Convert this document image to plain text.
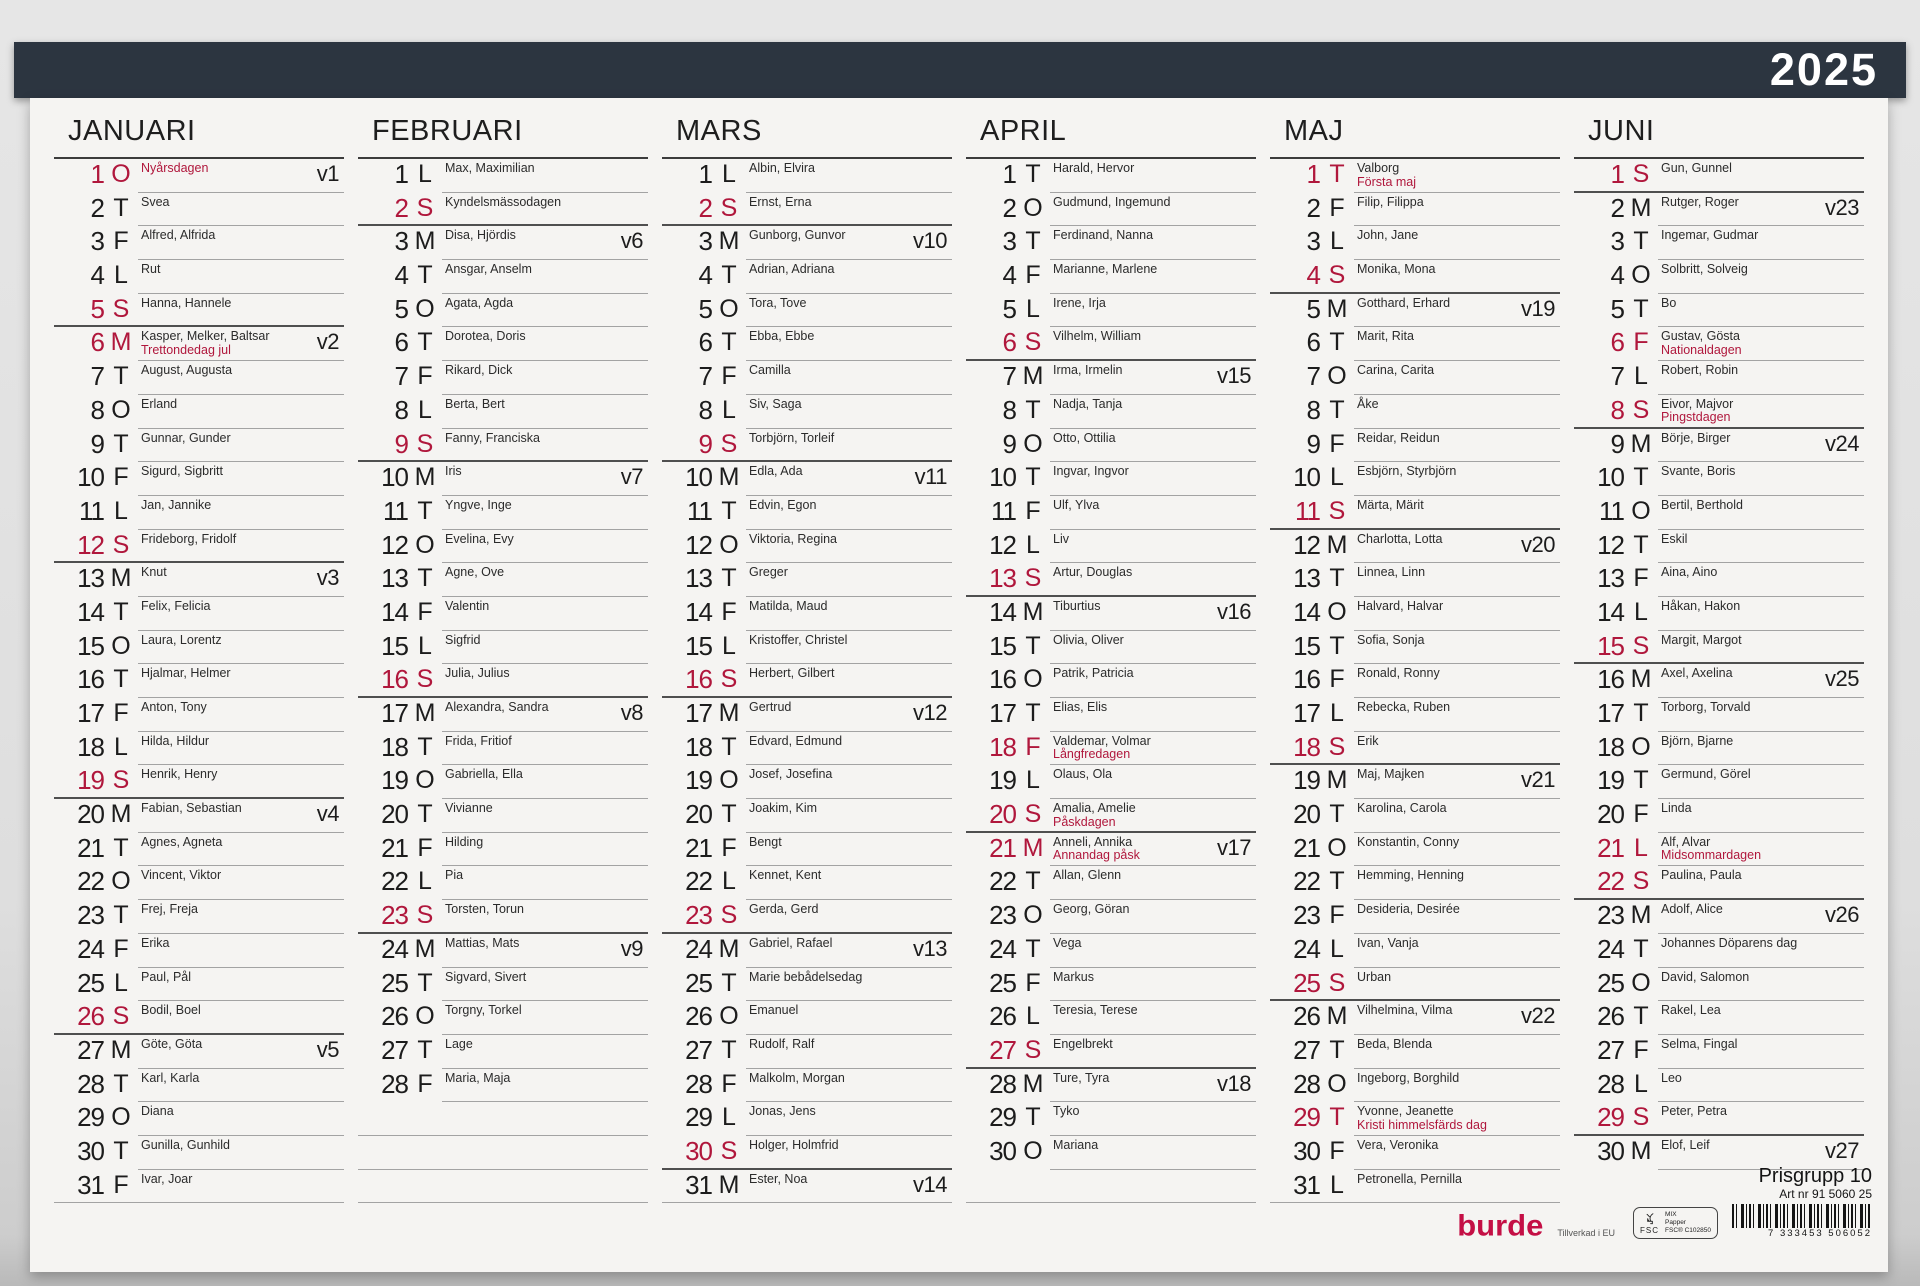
2025
JANUARI
1 O Nyårsdagen	v1
2 T Svea
3 F Alfred, Alfrida
4 L	Rut
5 S Hanna, Hannele
6 M Kasper, Melker, Baltsar
Trettondedag jul	v2
7 T August, Augusta
8 O Erland
9 T Gunnar, Gunder
10 F Sigurd, Sigbritt
11 L	Jan, Jannike
12 S Frideborg, Fridolf
13 M Knut	v3
14 T Felix, Felicia
15 O Laura, Lorentz
16 T Hjalmar, Helmer
17 F Anton, Tony
18 L	Hilda, Hildur
19 S Henrik, Henry
20 M Fabian, Sebastian	v4
21 T Agnes, Agneta
22 O Vincent, Viktor
23 T Frej, Freja
24 F Erika
25 L	Paul, Pål
26 S Bodil, Boel
27 M Göte, Göta	v5
28 T Karl, Karla
29 O Diana
30 T Gunilla, Gunhild
31 F Ivar, Joar
FEBRUARI
1 L	Max, Maximilian
2 S Kyndelsmässodagen
3 M Disa, Hjördis	v6
4 T Ansgar, Anselm
5 O Agata, Agda
6 T Dorotea, Doris
7 F Rikard, Dick
8 L	Berta, Bert
9 S Fanny, Franciska
10 M Iris	v7
11 T Yngve, Inge
12 O Evelina, Evy
13 T Agne, Ove
14 F Valentin
15 L	Sigfrid
16 S Julia, Julius
17 M Alexandra, Sandra	v8
18 T Frida, Fritiof
19 O Gabriella, Ella
20 T Vivianne
21 F Hilding
22 L	Pia
23 S Torsten, Torun
24 M Mattias, Mats	v9
25 T Sigvard, Sivert
26 O Torgny, Torkel
27 T Lage
28 F Maria, Maja
MARS
1 L	Albin, Elvira
2 S Ernst, Erna
3 M Gunborg, Gunvor	v10
4 T Adrian, Adriana
5 O Tora, Tove
6 T Ebba, Ebbe
7 F Camilla
8 L	Siv, Saga
9 S Torbjörn, Torleif
10 M Edla, Ada	v11
11 T Edvin, Egon
12 O Viktoria, Regina
13 T Greger
14 F Matilda, Maud
15 L	Kristoffer, Christel
16 S Herbert, Gilbert
17 M Gertrud	v12
18 T Edvard, Edmund
19 O Josef, Josefina
20 T Joakim, Kim
21 F Bengt
22 L	Kennet, Kent
23 S Gerda, Gerd
24 M Gabriel, Rafael	v13
25 T Marie bebådelsedag
26 O Emanuel
27 T Rudolf, Ralf
28 F Malkolm, Morgan
29 L	Jonas, Jens
30 S Holger, Holmfrid
31 M Ester, Noa	v14
APRIL
1 T Harald, Hervor
2 O Gudmund, Ingemund
3 T Ferdinand, Nanna
4 F Marianne, Marlene
5 L	Irene, Irja
6 S Vilhelm, William
7 M Irma, Irmelin	v15
8 T Nadja, Tanja
9 O Otto, Ottilia
10 T Ingvar, Ingvor
11 F Ulf, Ylva
12 L	Liv
13 S Artur, Douglas
14 M Tiburtius	v16
15 T Olivia, Oliver
16 O Patrik, Patricia
17 T Elias, Elis
18 F Valdemar, Volmar
Långfredagen
19 L	Olaus, Ola
20 S Amalia, Amelie
Påskdagen
21 M Anneli, Annika
Annandag påsk	v17
22 T Allan, Glenn
23 O Georg, Göran
24 T Vega
25 F Markus
26 L	Teresia, Terese
27 S Engelbrekt
28 M Ture, Tyra	v18
29 T Tyko
30 O Mariana
MAJ
1 T Valborg
Första maj
2 F Filip, Filippa
3 L	John, Jane
4 S Monika, Mona
5 M Gotthard, Erhard	v19
6 T Marit, Rita
7 O Carina, Carita
8 T Åke
9 F Reidar, Reidun
10 L	Esbjörn, Styrbjörn
11 S Märta, Märit
12 M Charlotta, Lotta	v20
13 T Linnea, Linn
14 O Halvard, Halvar
15 T Sofia, Sonja
16 F Ronald, Ronny
17 L	Rebecka, Ruben
18 S Erik
19 M Maj, Majken	v21
20 T Karolina, Carola
21 O Konstantin, Conny
22 T Hemming, Henning
23 F Desideria, Desirée
24 L	Ivan, Vanja
25 S Urban
26 M Vilhelmina, Vilma	v22
27 T Beda, Blenda
28 O Ingeborg, Borghild
29 T Yvonne, Jeanette
Kristi himmelsfärds dag
30 F Vera, Veronika
31 L	Petronella, Pernilla
JUNI
1 S Gun, Gunnel
2 M Rutger, Roger	v23
3 T Ingemar, Gudmar
4 O Solbritt, Solveig
5 T Bo
6 F Gustav, Gösta
Nationaldagen
7 L	Robert, Robin
8 S Eivor, Majvor
Pingstdagen
9 M Börje, Birger	v24
10 T Svante, Boris
11 O Bertil, Berthold
12 T Eskil
13 F Aina, Aino
14 L	Håkan, Hakon
15 S Margit, Margot
16 M Axel, Axelina	v25
17 T Torborg, Torvald
18 O Björn, Bjarne
19 T Germund, Görel
20 F Linda
21 L	Alf, Alvar
Midsommardagen
22 S Paulina, Paula
23 M Adolf, Alice	v26
24 T Johannes Döparens dag
25 O David, Salomon
26 T Rakel, Lea
27 F Selma, Fingal
28 L	Leo
29 S Peter, Petra
30 M Elof, Leif	v27
burde Tillverkad i EU	FSC
MIX
Papper
FSC® C102850
Prisgrupp 10
Art nr 91 5060 25
7 333453 506052
